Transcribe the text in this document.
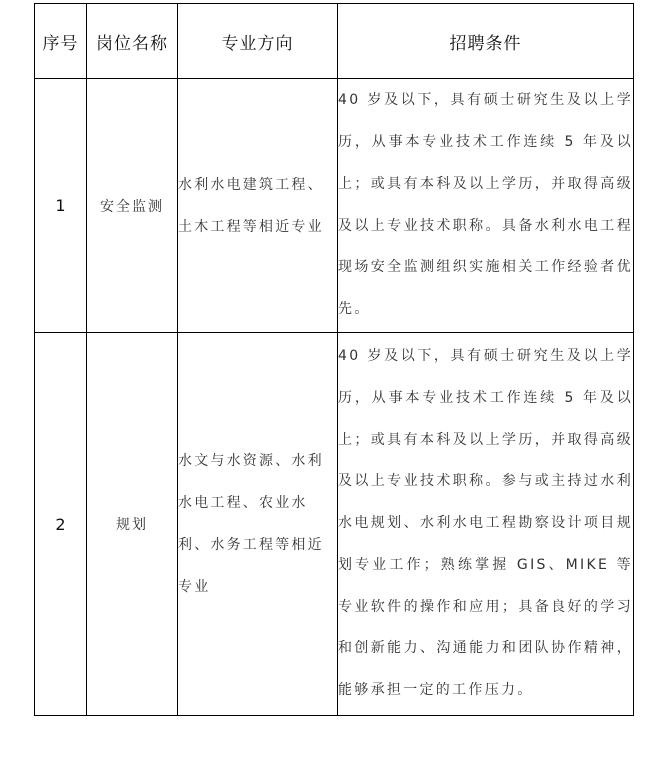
序号	岗位名称	专业方向	招聘条件
1	安全监测	水利水电建筑工程、土木工程等相近专业	40 岁及以下，具有硕士研究生及以上学历，从事本专业技术工作连续 5 年及以上；或具有本科及以上学历，并取得高级及以上专业技术职称。具备水利水电工程现场安全监测组织实施相关工作经验者优先。
2	规划	水文与水资源、水利水电工程、农业水利、水务工程等相近专业	40 岁及以下，具有硕士研究生及以上学历，从事本专业技术工作连续 5 年及以上；或具有本科及以上学历，并取得高级及以上专业技术职称。参与或主持过水利水电规划、水利水电工程勘察设计项目规划专业工作；熟练掌握 GIS、MIKE 等专业软件的操作和应用；具备良好的学习和创新能力、沟通能力和团队协作精神，能够承担一定的工作压力。
